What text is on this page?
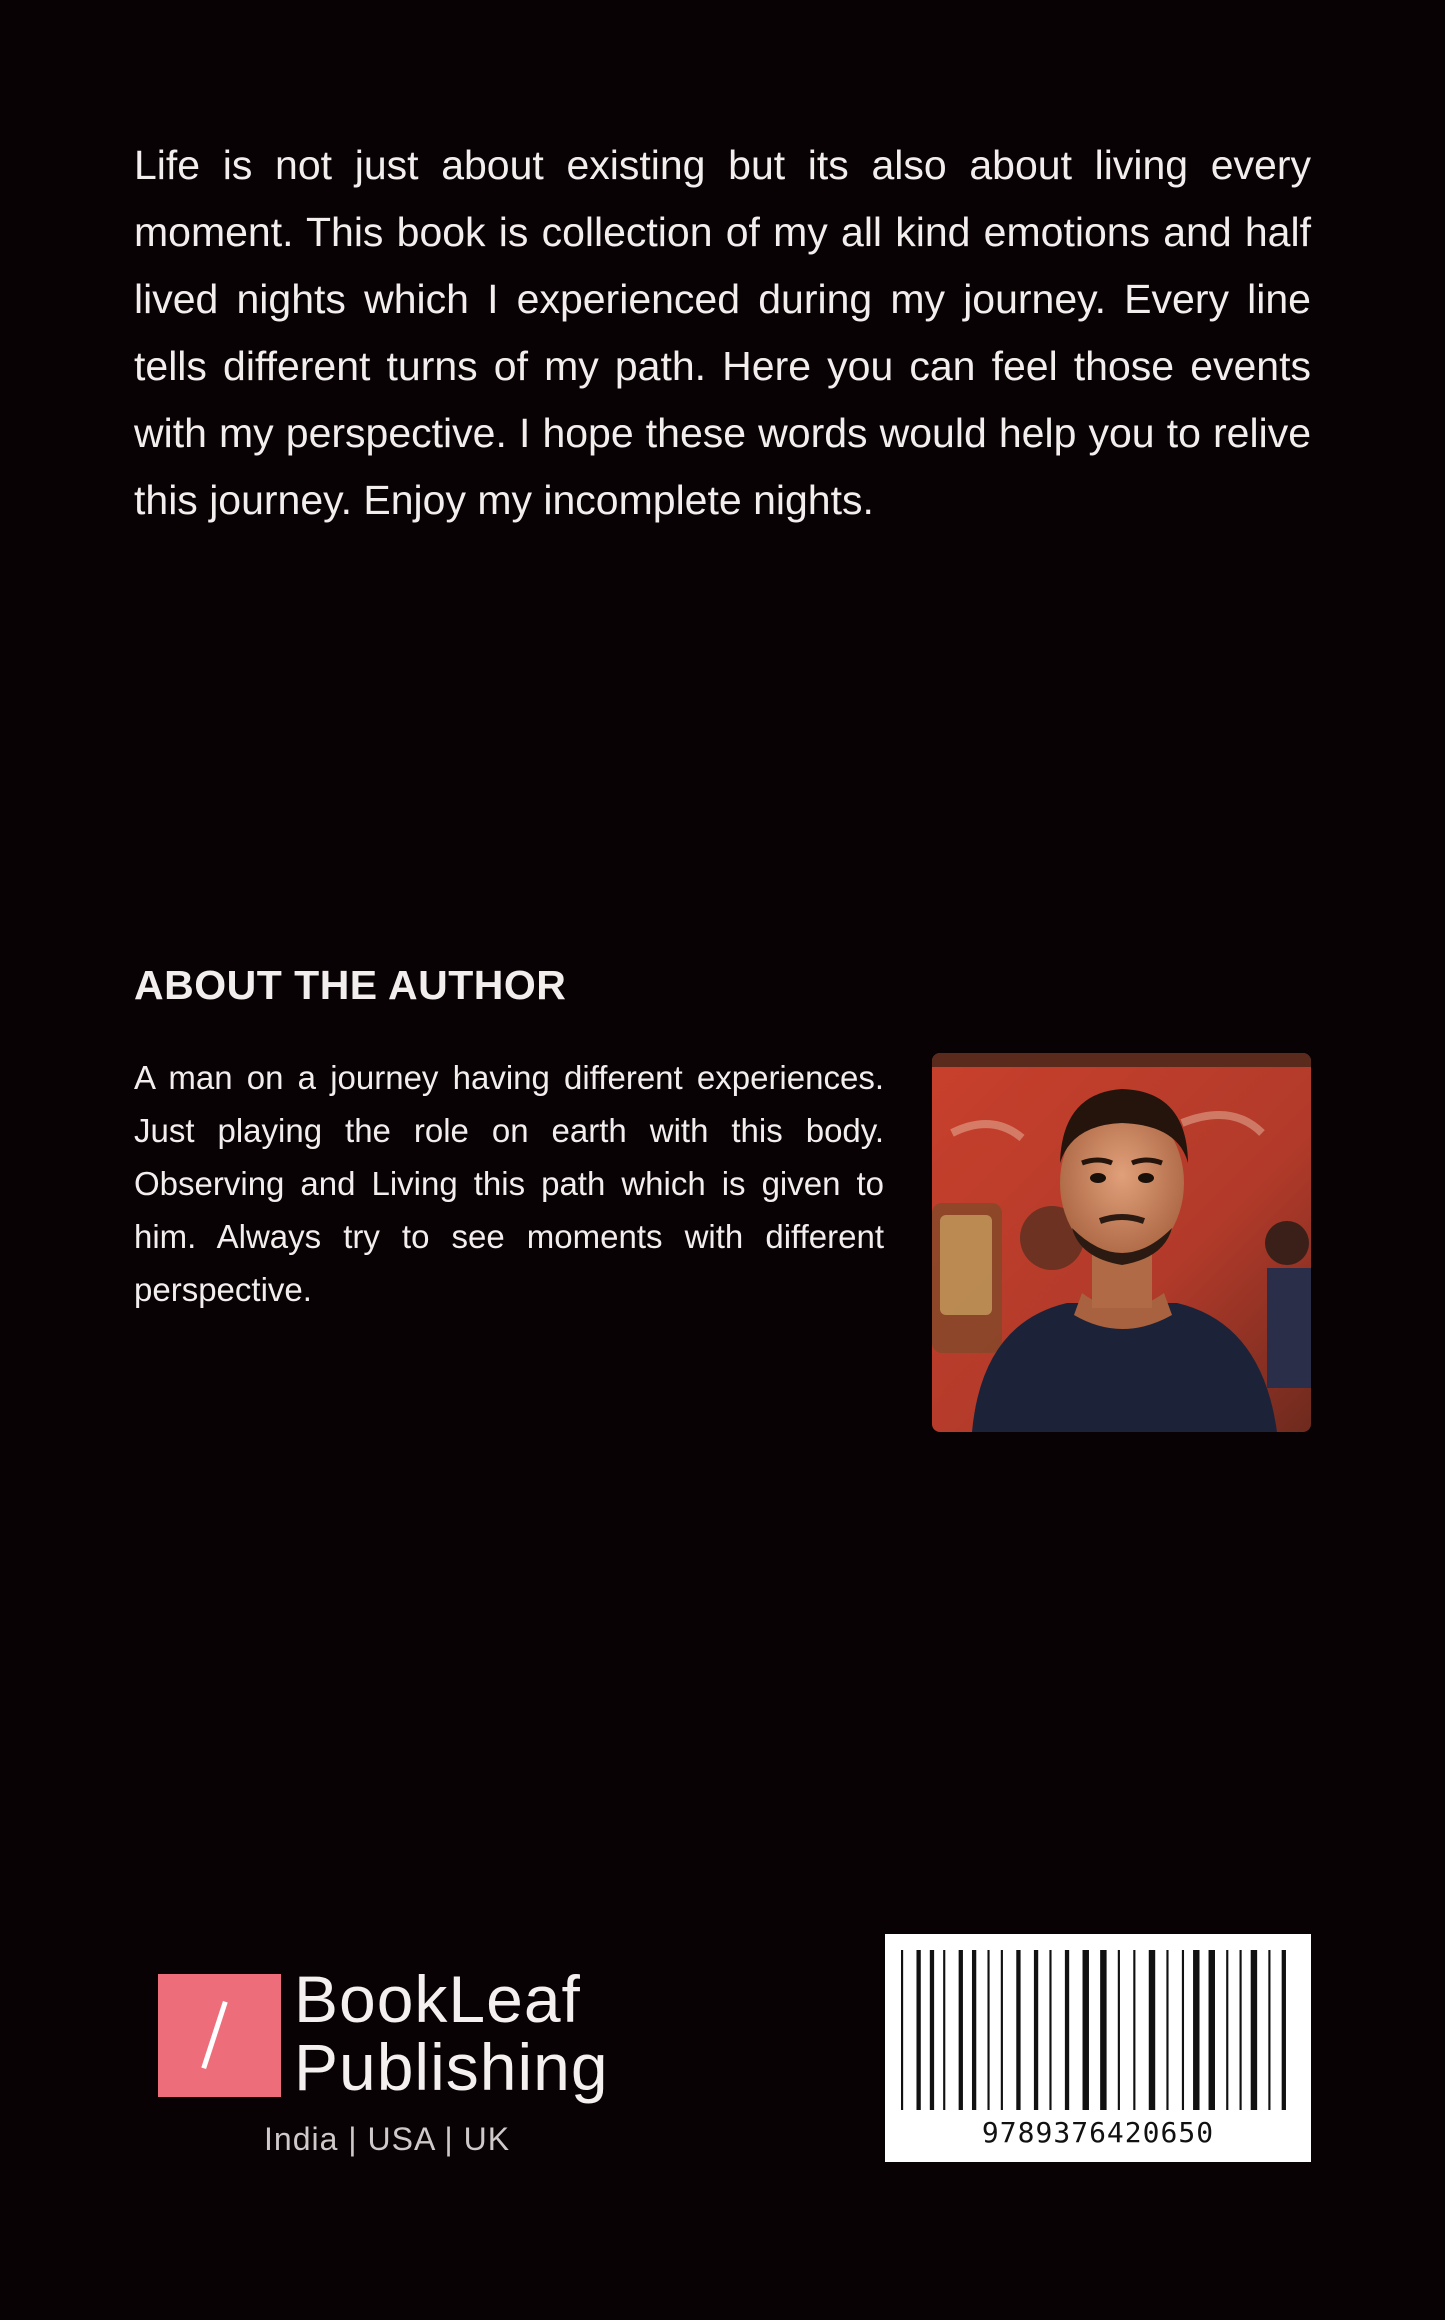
Life is not just about existing but its also about living every moment. This book is collection of my all kind emotions and half lived nights which I experienced during my journey. Every line tells different turns of my path. Here you can feel those events with my perspective. I hope these words would help you to relive this journey. Enjoy my incomplete nights.

ABOUT THE AUTHOR

A man on a journey having different experiences. Just playing the role on earth with this body. Observing and Living this path which is given to him. Always try to see moments with different perspective.

BookLeaf
Publishing
India | USA | UK	9789376420650
